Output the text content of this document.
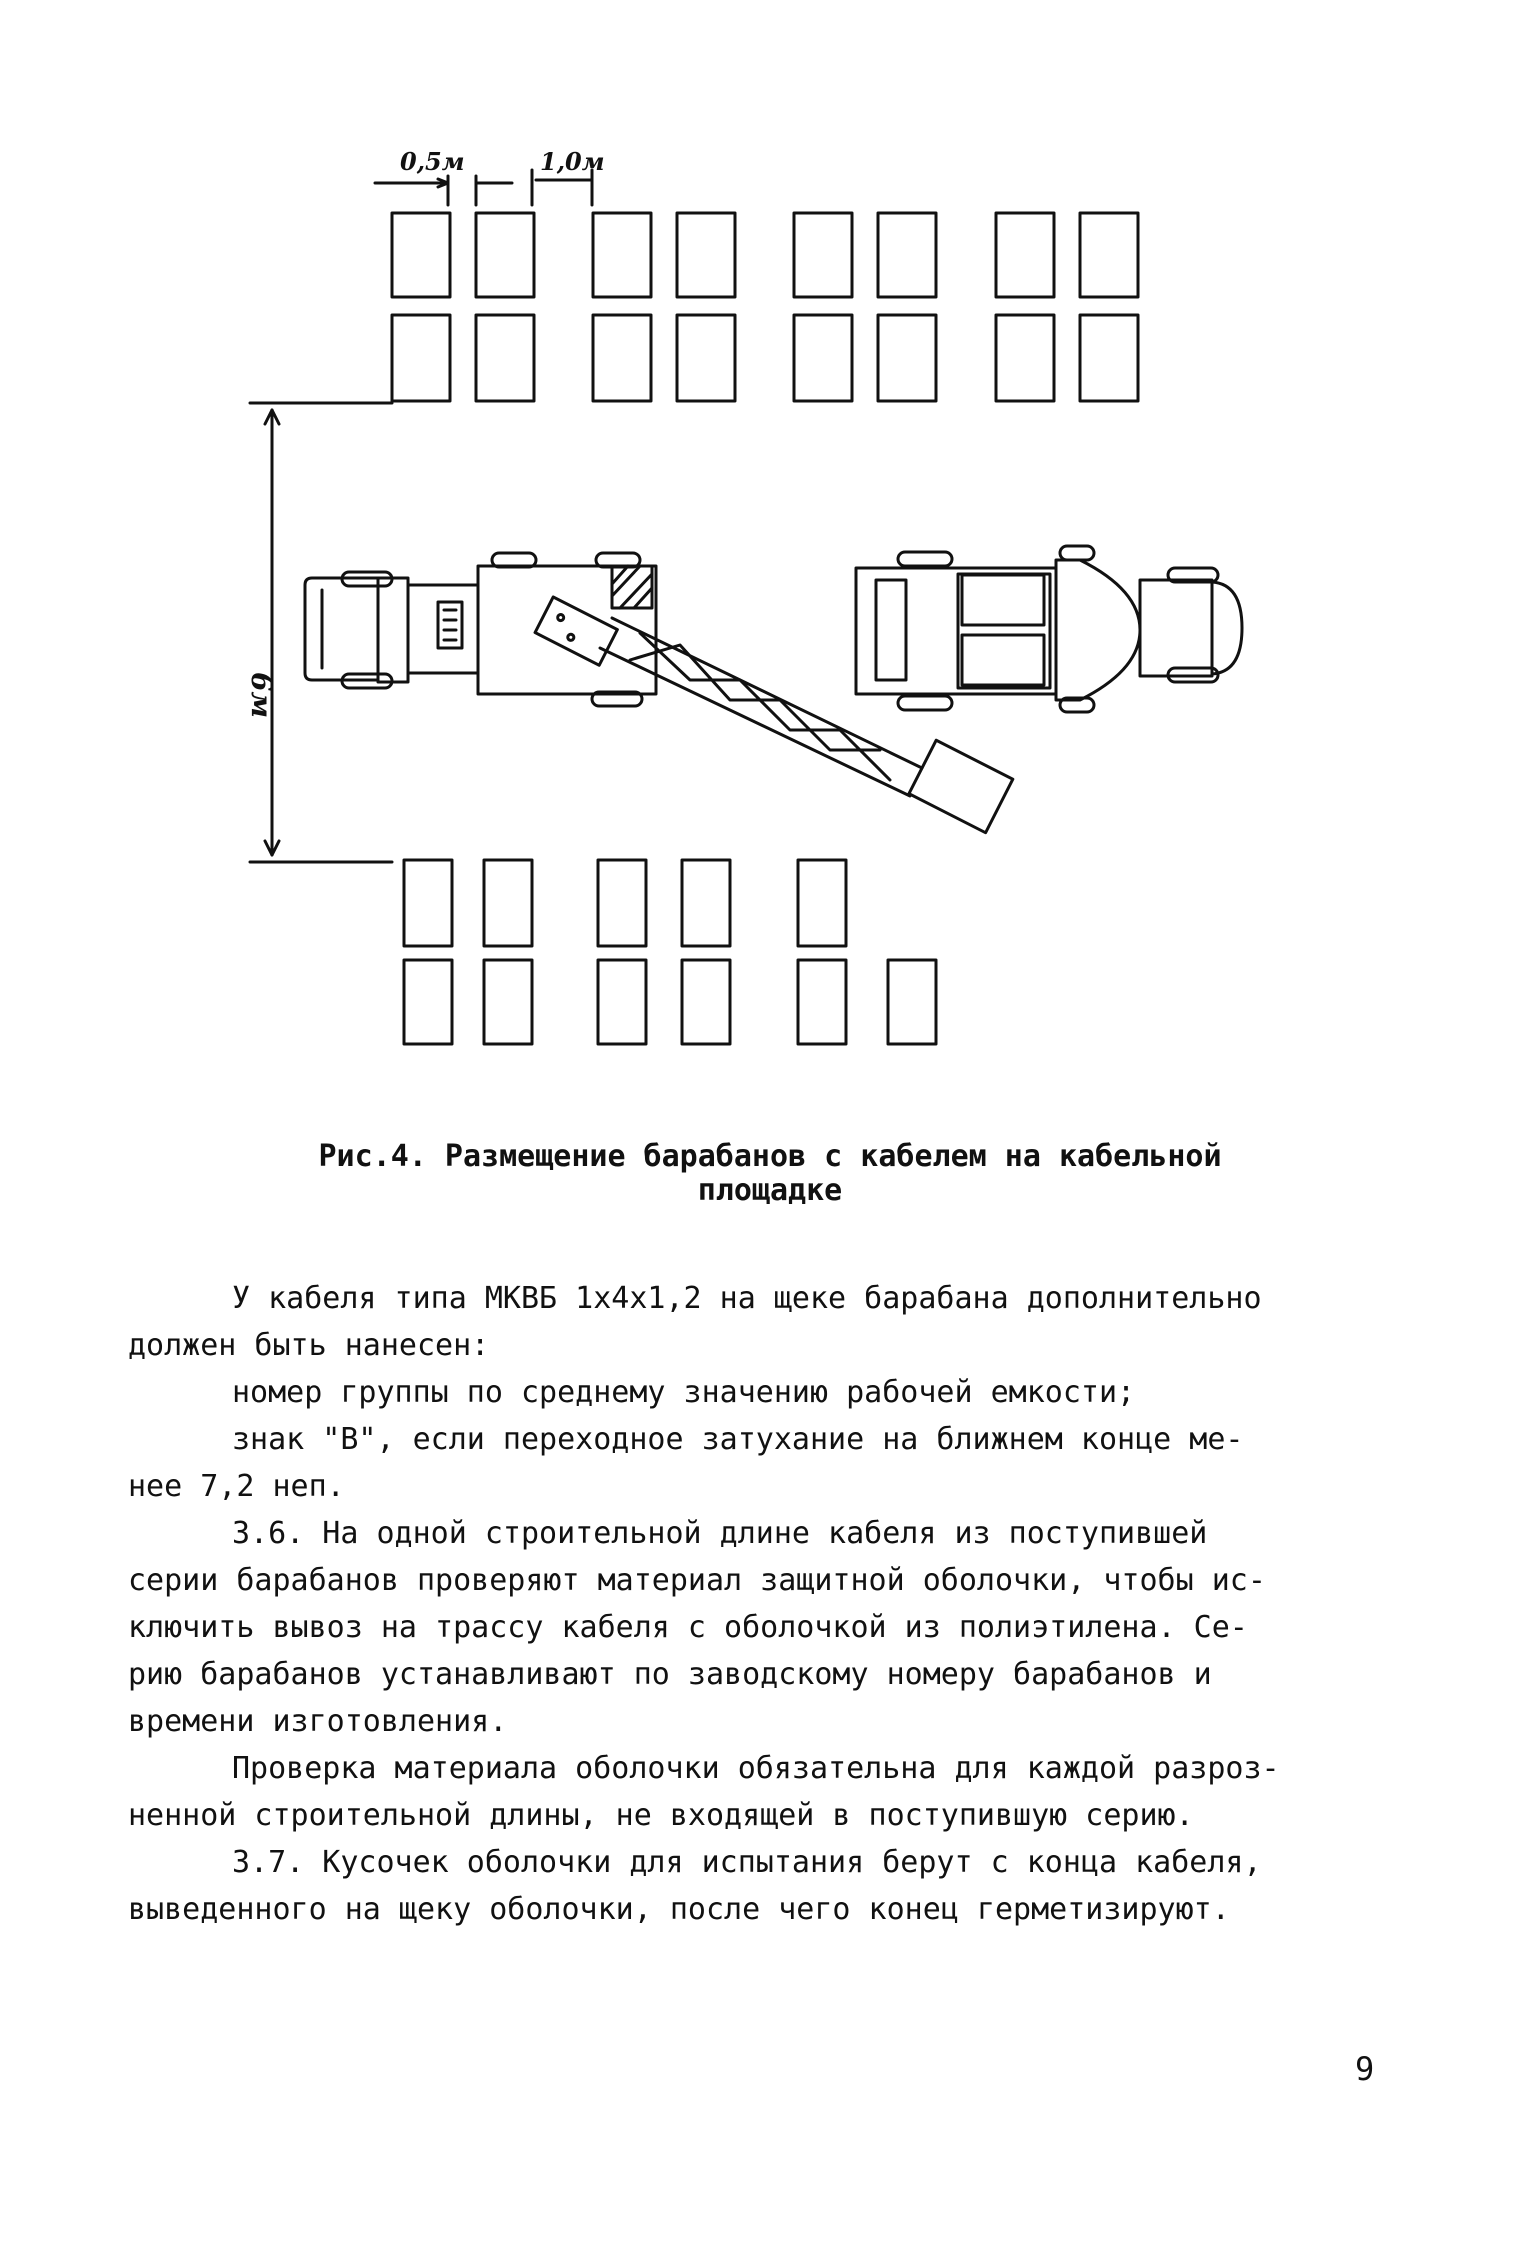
0,5м	1,0м
6м
Рис.4. Размещение барабанов с кабелем на кабельной
площадке

У кабеля типа МКВБ 1х4х1,2 на щеке барабана дополнительно
должен быть нанесен:

номер группы по среднему значению рабочей емкости;

знак "В", если переходное затухание на ближнем конце ме-
нее 7,2 неп.

3.6. На одной строительной длине кабеля из поступившей
серии барабанов проверяют материал защитной оболочки, чтобы ис-
ключить вывоз на трассу кабеля с оболочкой из полиэтилена. Се-
рию барабанов устанавливают по заводскому номеру барабанов и
времени изготовления.

Проверка материала оболочки обязательна для каждой разроз-
ненной строительной длины, не входящей в поступившую серию.

3.7. Кусочек оболочки для испытания берут с конца кабеля,
выведенного на щеку оболочки, после чего конец герметизируют.

9
